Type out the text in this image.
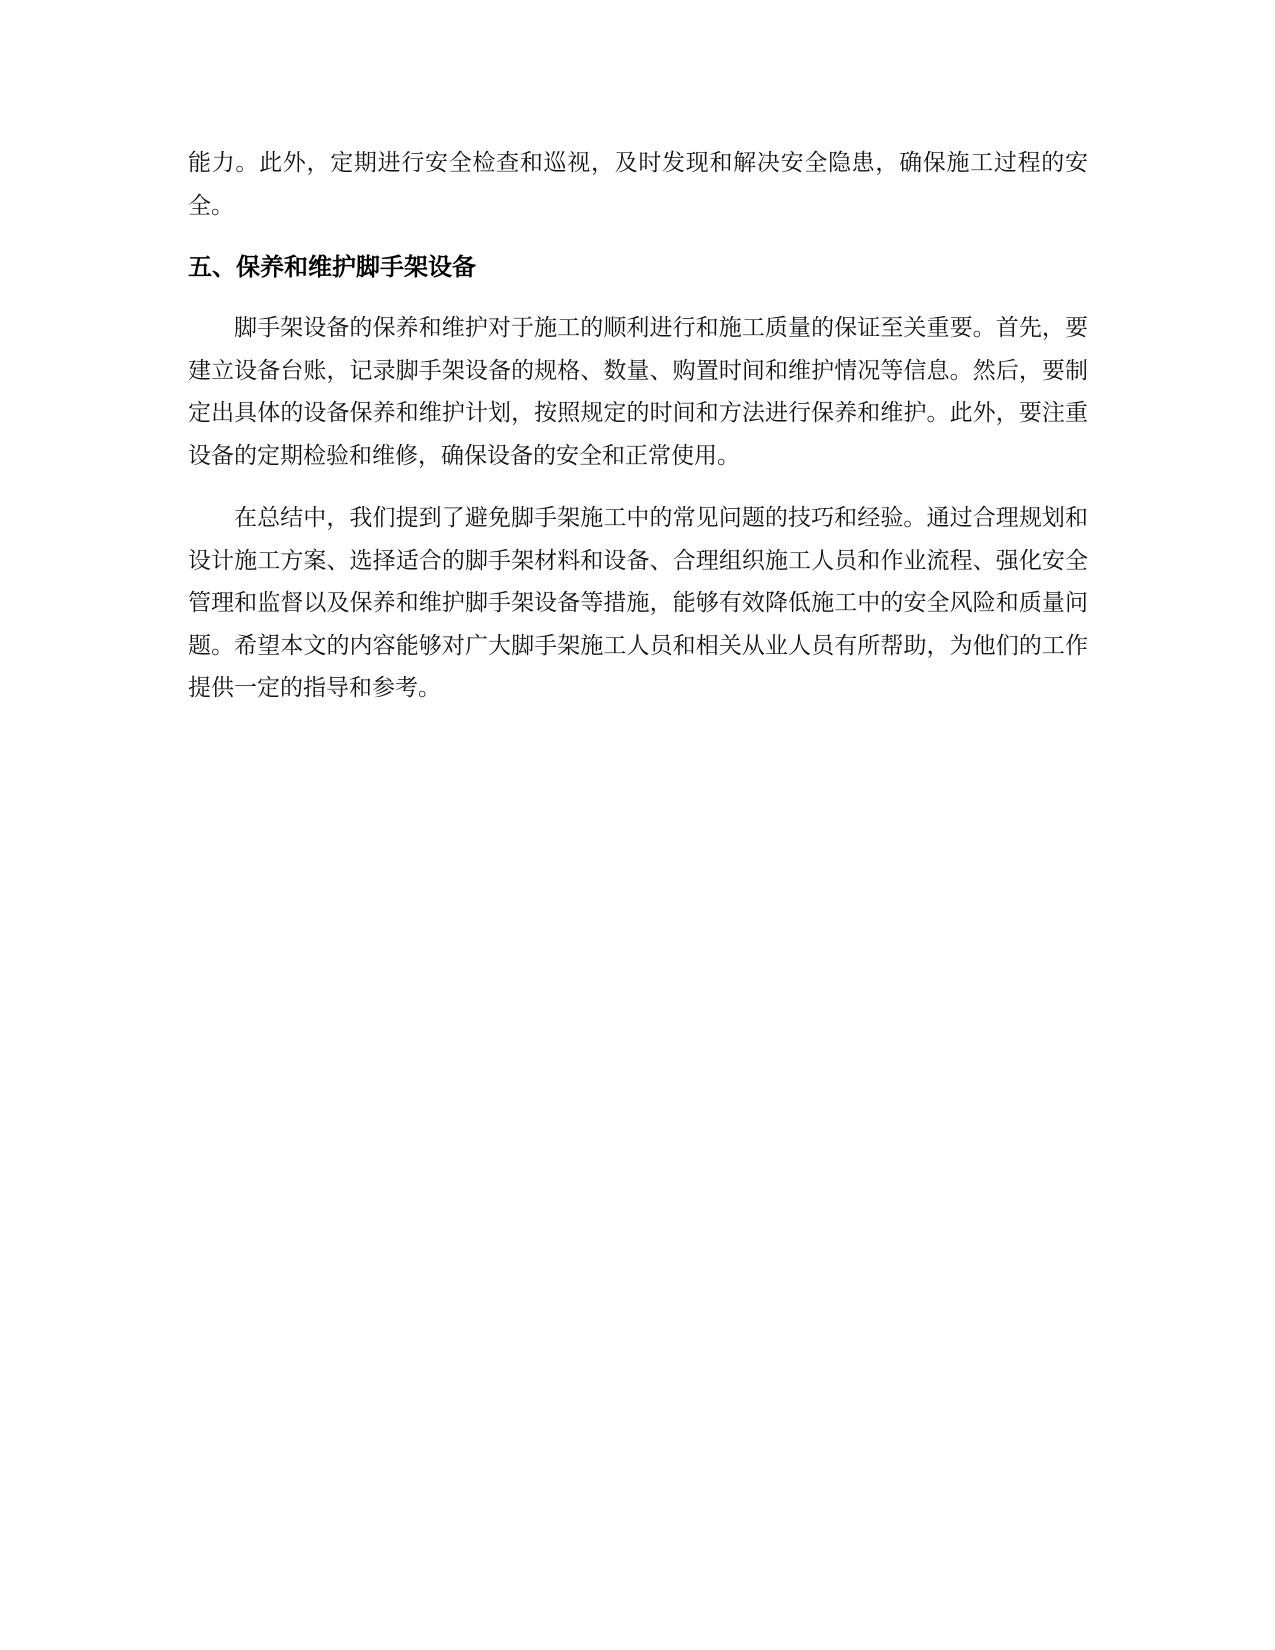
能力。此外，定期进行安全检查和巡视，及时发现和解决安全隐患，确保施工过程的安全。

五、保养和维护脚手架设备

脚手架设备的保养和维护对于施工的顺利进行和施工质量的保证至关重要。首先，要建立设备台账，记录脚手架设备的规格、数量、购置时间和维护情况等信息。然后，要制定出具体的设备保养和维护计划，按照规定的时间和方法进行保养和维护。此外，要注重设备的定期检验和维修，确保设备的安全和正常使用。

在总结中，我们提到了避免脚手架施工中的常见问题的技巧和经验。通过合理规划和设计施工方案、选择适合的脚手架材料和设备、合理组织施工人员和作业流程、强化安全管理和监督以及保养和维护脚手架设备等措施，能够有效降低施工中的安全风险和质量问题。希望本文的内容能够对广大脚手架施工人员和相关从业人员有所帮助，为他们的工作提供一定的指导和参考。
